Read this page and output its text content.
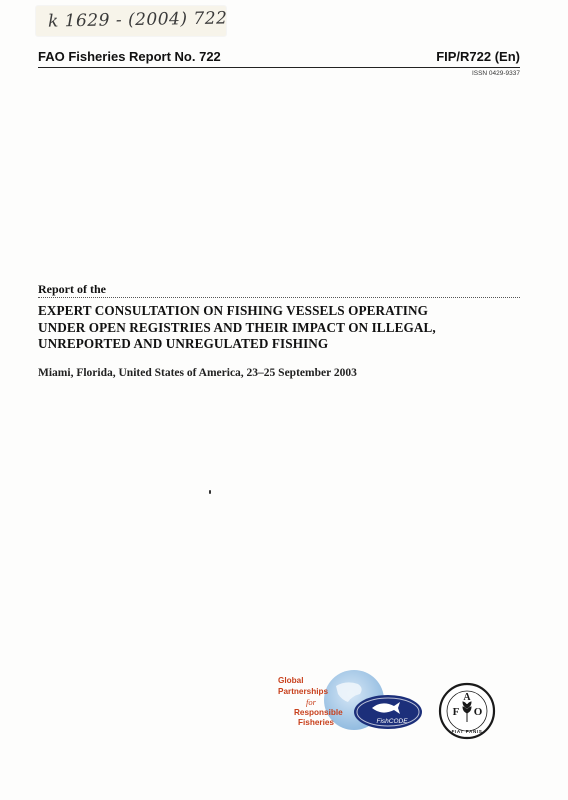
k 1629 - (2004) 722
FAO Fisheries Report No. 722	FIP/R722 (En)
ISSN 0429-9337
Report of the
EXPERT CONSULTATION ON FISHING VESSELS OPERATING
UNDER OPEN REGISTRIES AND THEIR IMPACT ON ILLEGAL,
UNREPORTED AND UNREGULATED FISHING
Miami, Florida, United States of America, 23–25 September 2003
FishCODE
Global
Partnerships
for
Responsible
Fisheries
F
A
O
FIAT PANIS
